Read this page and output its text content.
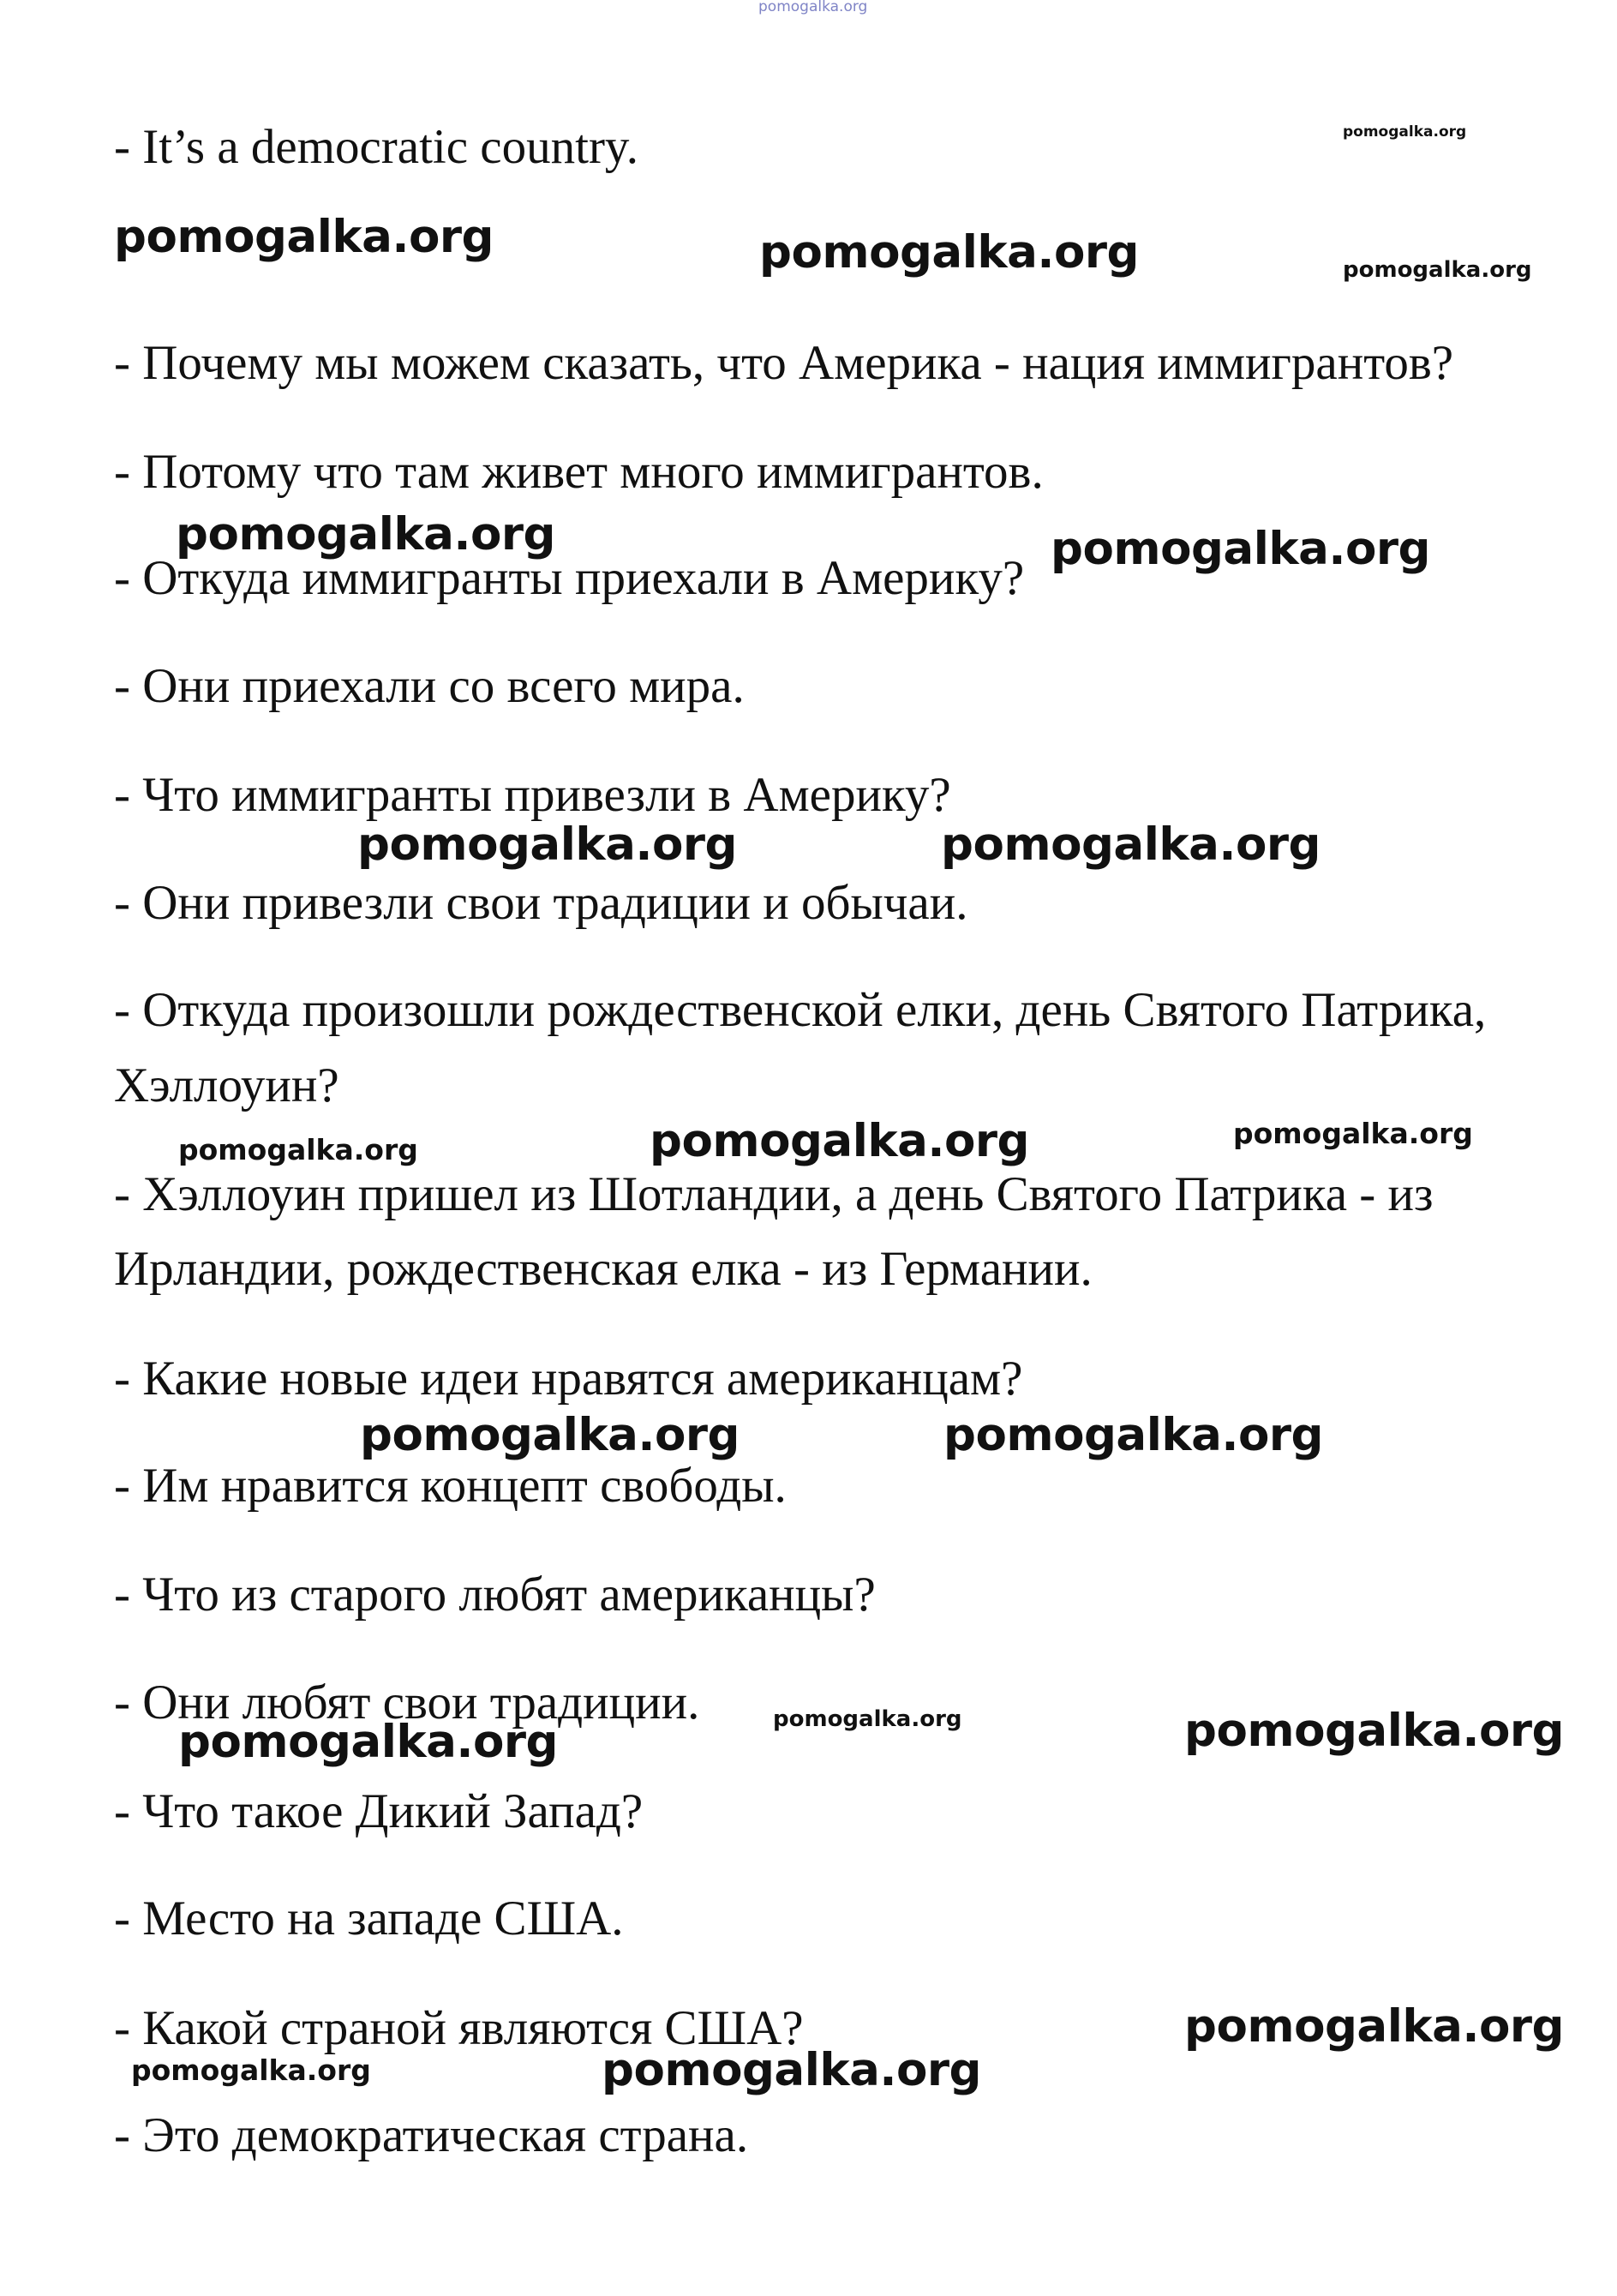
pomogalka.org

- It’s a democratic country.

- Почему мы можем сказать, что Америка - нация иммигрантов?

- Потому что там живет много иммигрантов.

- Откуда иммигранты приехали в Америку?

- Они приехали со всего мира.

- Что иммигранты привезли в Америку?

- Они привезли свои традиции и обычаи.

- Откуда произошли рождественской елки, день Святого Патрика,

Хэллоуин?

- Хэллоуин пришел из Шотландии, а день Святого Патрика - из

Ирландии, рождественская елка - из Германии.

- Какие новые идеи нравятся американцам?

- Им нравится концепт свободы.

- Что из старого любят американцы?

- Они любят свои традиции.

- Что такое Дикий Запад?

- Место на западе США.

- Какой страной являются США?

- Это демократическая страна.

pomogalka.org
pomogalka.org	pomogalka.org	pomogalka.org
pomogalka.org	pomogalka.org
pomogalka.org	pomogalka.org
pomogalka.org	pomogalka.org	pomogalka.org
pomogalka.org	pomogalka.org
pomogalka.org	pomogalka.org	pomogalka.org
pomogalka.org
pomogalka.org	pomogalka.org
